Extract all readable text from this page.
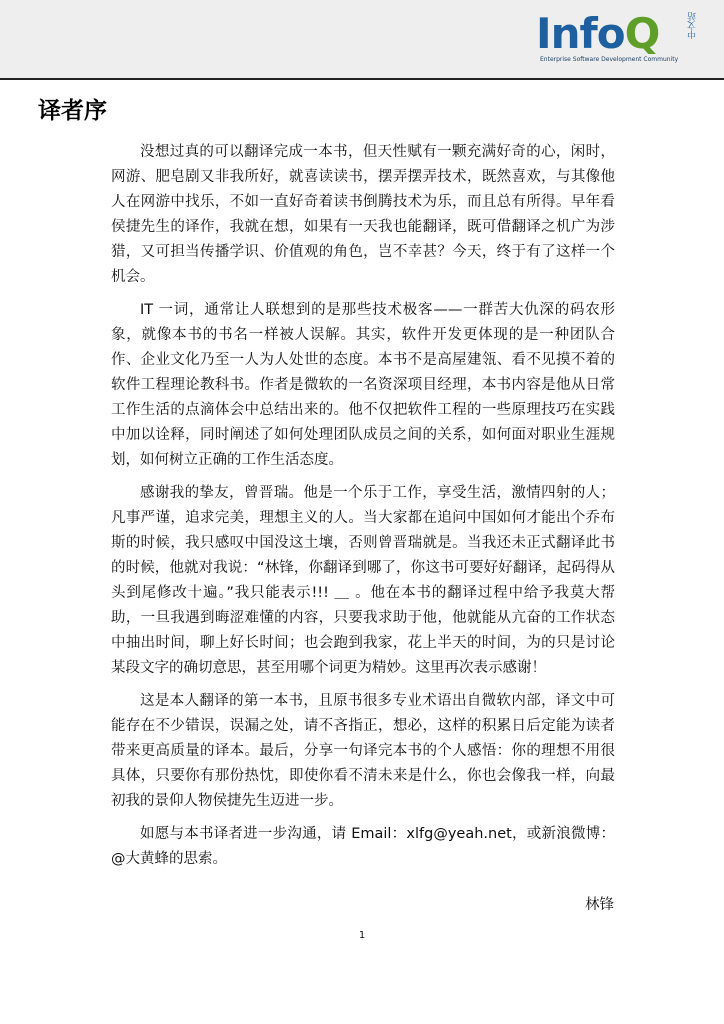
InfoQ	中文站
Enterprise Software Development Community
译者序

没想过真的可以翻译完成一本书，但天性赋有一颗充满好奇的心，闲时，网游、肥皂剧又非我所好，就喜读读书，摆弄摆弄技术，既然喜欢，与其像他人在网游中找乐，不如一直好奇着读书倒腾技术为乐，而且总有所得。早年看侯捷先生的译作，我就在想，如果有一天我也能翻译，既可借翻译之机广为涉猎，又可担当传播学识、价值观的角色，岂不幸甚？今天，终于有了这样一个机会。

IT 一词，通常让人联想到的是那些技术极客——一群苦大仇深的码农形象，就像本书的书名一样被人误解。其实，软件开发更体现的是一种团队合作、企业文化乃至一人为人处世的态度。本书不是高屋建瓴、看不见摸不着的软件工程理论教科书。作者是微软的一名资深项目经理，本书内容是他从日常工作生活的点滴体会中总结出来的。他不仅把软件工程的一些原理技巧在实践中加以诠释，同时阐述了如何处理团队成员之间的关系，如何面对职业生涯规划，如何树立正确的工作生活态度。

感谢我的挚友，曾晋瑞。他是一个乐于工作，享受生活，激情四射的人；凡事严谨，追求完美，理想主义的人。当大家都在追问中国如何才能出个乔布斯的时候，我只感叹中国没这土壤，否则曾晋瑞就是。当我还未正式翻译此书的时候，他就对我说：“林锋，你翻译到哪了，你这书可要好好翻译，起码得从头到尾修改十遍。”我只能表示!!! ＿ 。他在本书的翻译过程中给予我莫大帮助，一旦我遇到晦涩难懂的内容，只要我求助于他，他就能从亢奋的工作状态中抽出时间，聊上好长时间；也会跑到我家，花上半天的时间，为的只是讨论某段文字的确切意思，甚至用哪个词更为精妙。这里再次表示感谢！

这是本人翻译的第一本书，且原书很多专业术语出自微软内部，译文中可能存在不少错误，误漏之处，请不吝指正，想必，这样的积累日后定能为读者带来更高质量的译本。最后，分享一句译完本书的个人感悟：你的理想不用很具体，只要你有那份热忱，即使你看不清未来是什么，你也会像我一样，向最初我的景仰人物侯捷先生迈进一步。

如愿与本书译者进一步沟通，请 Email：xlfg@yeah.net，或新浪微博：@大黄蜂的思索。

林锋
1
